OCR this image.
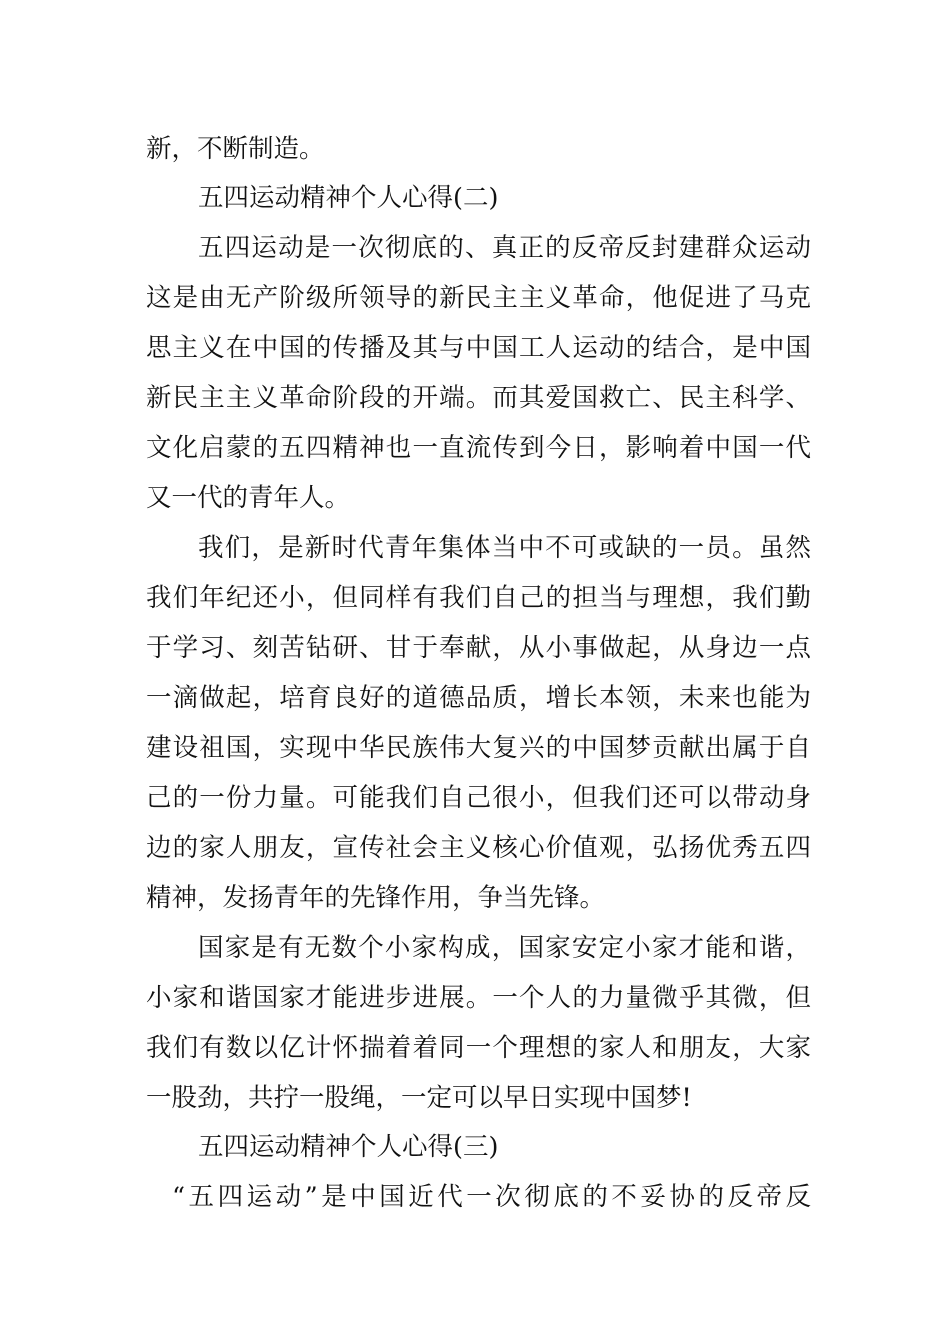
新，不断制造。
五四运动精神个人心得(二)
五四运动是一次彻底的、真正的反帝反封建群众运动
这是由无产阶级所领导的新民主主义革命，他促进了马克
思主义在中国的传播及其与中国工人运动的结合，是中国
新民主主义革命阶段的开端。而其爱国救亡、民主科学、
文化启蒙的五四精神也一直流传到今日，影响着中国一代
又一代的青年人。
我们，是新时代青年集体当中不可或缺的一员。虽然
我们年纪还小，但同样有我们自己的担当与理想，我们勤
于学习、刻苦钻研、甘于奉献，从小事做起，从身边一点
一滴做起，培育良好的道德品质，增长本领，未来也能为
建设祖国，实现中华民族伟大复兴的中国梦贡献出属于自
己的一份力量。可能我们自己很小，但我们还可以带动身
边的家人朋友，宣传社会主义核心价值观，弘扬优秀五四
精神，发扬青年的先锋作用，争当先锋。
国家是有无数个小家构成，国家安定小家才能和谐，
小家和谐国家才能进步进展。一个人的力量微乎其微，但
我们有数以亿计怀揣着着同一个理想的家人和朋友，大家
一股劲，共拧一股绳，一定可以早日实现中国梦!
五四运动精神个人心得(三)
“五四运动”是中国近代一次彻底的不妥协的反帝反
